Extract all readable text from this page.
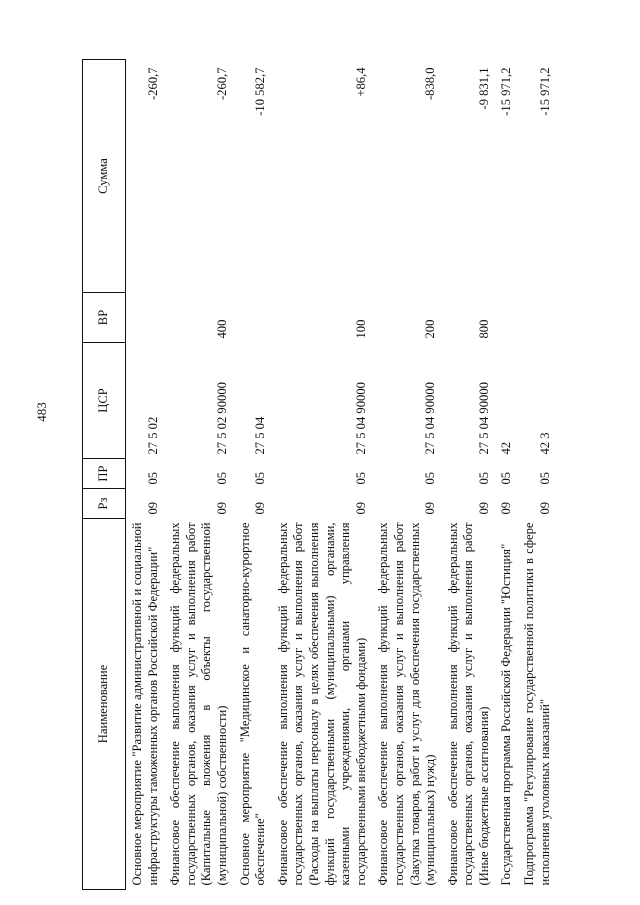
483
Наименование	Рз	ПР	ЦСР	ВР	Сумма
Основное мероприятие "Развитие административной и социальной инфраструктуры таможенных органов Российской Федерации"	09	05	27 5 02		-260,7
Финансовое обеспечение выполнения функций федеральных государственных органов, оказания услуг и выполнения работ (Капитальные вложения в объекты государственной (муниципальной) собственности)	09	05	27 5 02 90000	400	-260,7
Основное мероприятие "Медицинское и санаторно-курортное обеспечение"	09	05	27 5 04		-10 582,7
Финансовое обеспечение выполнения функций федеральных государственных органов, оказания услуг и выполнения работ (Расходы на выплаты персоналу в целях обеспечения выполнения функций государственными (муниципальными) органами, казенными учреждениями, органами управления государственными внебюджетными фондами)	09	05	27 5 04 90000	100	+86,4
Финансовое обеспечение выполнения функций федеральных государственных органов, оказания услуг и выполнения работ (Закупка товаров, работ и услуг для обеспечения государственных (муниципальных) нужд)	09	05	27 5 04 90000	200	-838,0
Финансовое обеспечение выполнения функций федеральных государственных органов, оказания услуг и выполнения работ (Иные бюджетные ассигнования)	09	05	27 5 04 90000	800	-9 831,1
Государственная программа Российской Федерации "Юстиция"	09	05	42		-15 971,2
Подпрограмма "Регулирование государственной политики в сфере исполнения уголовных наказаний"	09	05	42 3		-15 971,2
